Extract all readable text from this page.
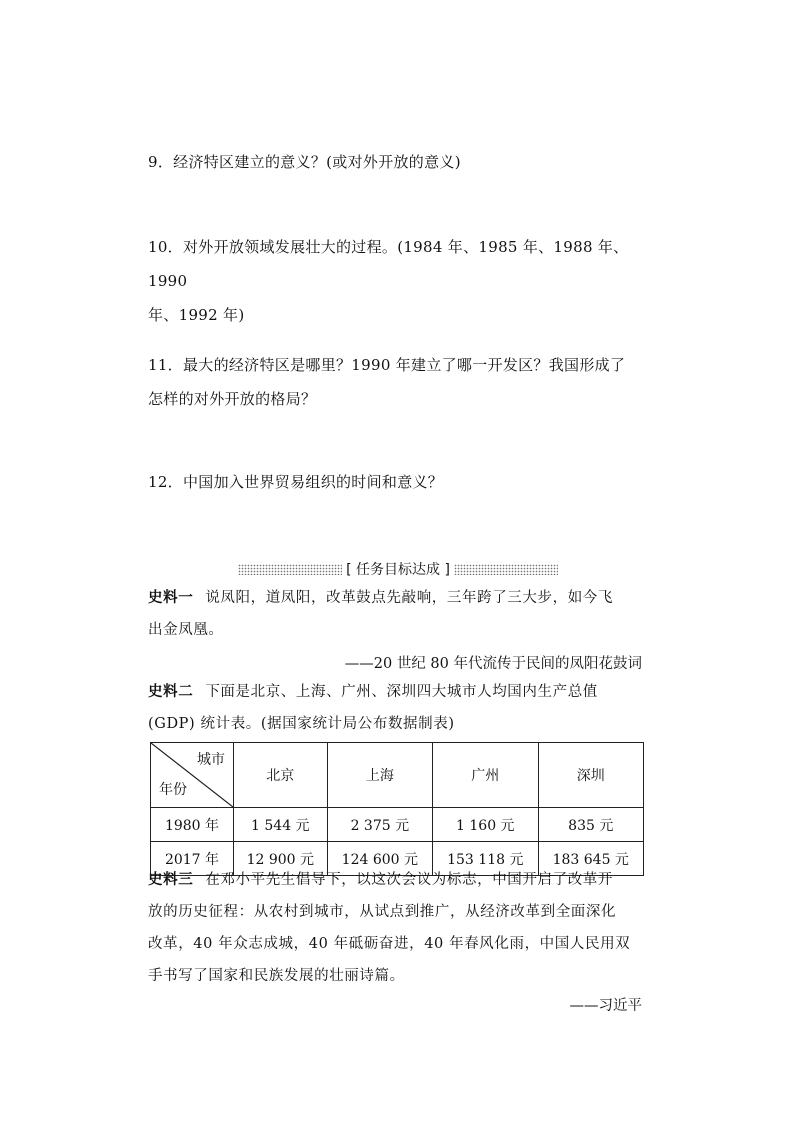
9．经济特区建立的意义？(或对外开放的意义)
10．对外开放领域发展壮大的过程。(1984 年、1985 年、1988 年、1990
年、1992 年)
11．最大的经济特区是哪里？1990 年建立了哪一开发区？我国形成了
怎样的对外开放的格局？
12．中国加入世界贸易组织的时间和意义？
[ 任务目标达成 ]
史料一 说凤阳，道凤阳，改革鼓点先敲响，三年跨了三大步，如今飞
出金凤凰。
——20 世纪 80 年代流传于民间的凤阳花鼓词
史料二 下面是北京、上海、广州、深圳四大城市人均国内生产总值
(GDP) 统计表。(据国家统计局公布数据制表)
城市
年份	北京	上海	广州	深圳
1980 年	1 544 元	2 375 元	1 160 元	835 元
2017 年	12 900 元	124 600 元	153 118 元	183 645 元
史料三 在邓小平先生倡导下，以这次会议为标志，中国开启了改革开
放的历史征程：从农村到城市，从试点到推广，从经济改革到全面深化
改革，40 年众志成城，40 年砥砺奋进，40 年春风化雨，中国人民用双
手书写了国家和民族发展的壮丽诗篇。
——习近平
